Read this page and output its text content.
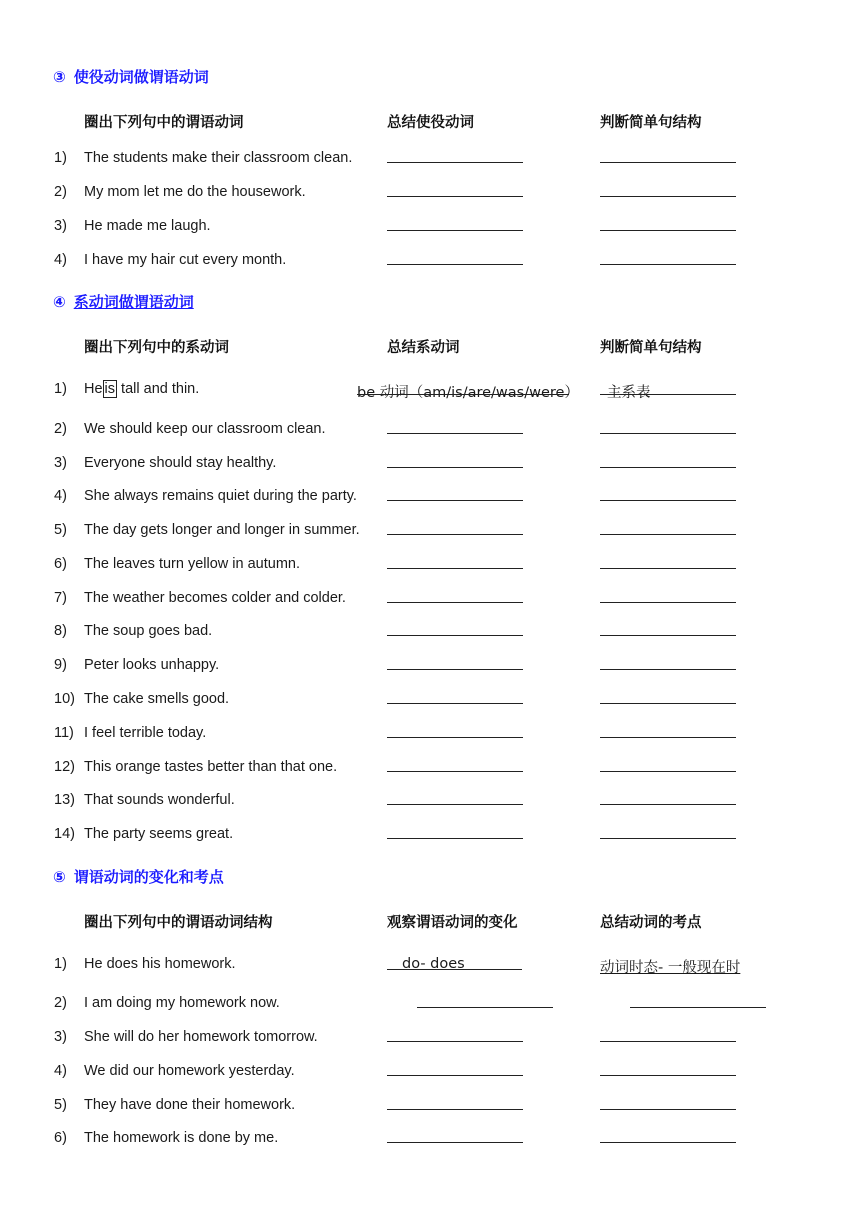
③ 使役动词做谓语动词
圈出下列句中的谓语动词	总结使役动词	判断简单句结构
1) The students make their classroom clean.
2) My mom let me do the housework.
3) He made me laugh.
4) I have my hair cut every month.
④ 系动词做谓语动词
圈出下列句中的系动词	总结系动词	判断简单句结构
1) He is tall and thin.	be 动词（am/is/are/was/were） 主系表
2) We should keep our classroom clean.
3) Everyone should stay healthy.
4) She always remains quiet during the party.
5) The day gets longer and longer in summer.
6) The leaves turn yellow in autumn.
7) The weather becomes colder and colder.
8) The soup goes bad.
9) Peter looks unhappy.
10) The cake smells good.
11) I feel terrible today.
12) This orange tastes better than that one.
13) That sounds wonderful.
14) The party seems great.
⑤ 谓语动词的变化和考点
圈出下列句中的谓语动词结构	观察谓语动词的变化	总结动词的考点
1) He does his homework.	do- does	动词时态- 一般现在时
2) I am doing my homework now.
3) She will do her homework tomorrow.
4) We did our homework yesterday.
5) They have done their homework.
6) The homework is done by me.
